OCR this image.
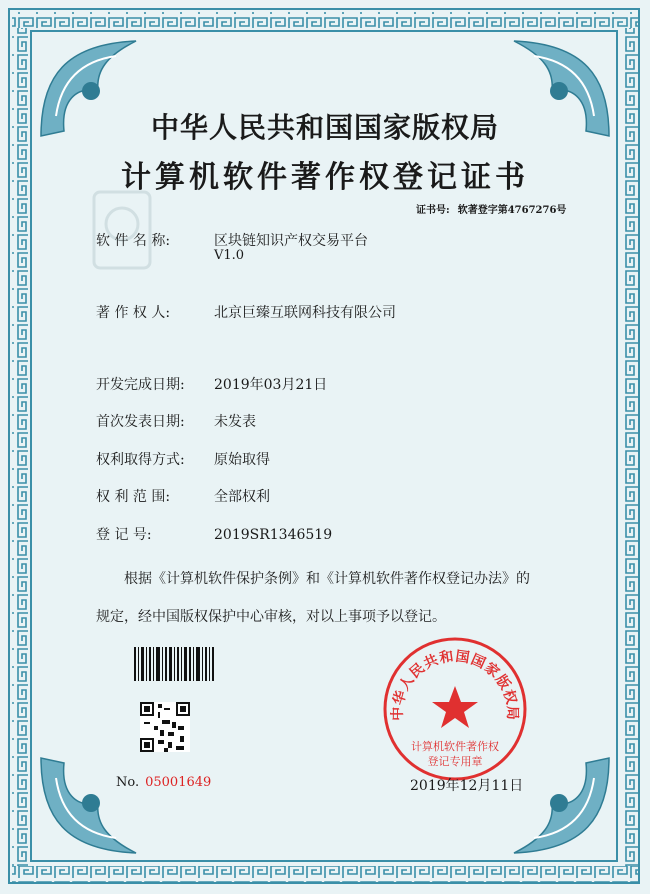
中华人民共和国国家版权局
计算机软件著作权登记证书
证书号: 软著登字第4767276号
软 件 名 称:	区块链知识产权交易平台
V1.0
著 作 权 人:	北京巨臻互联网科技有限公司
开发完成日期: 2019年03月21日
首次发表日期: 未发表
权利取得方式: 原始取得
权 利 范 围:	全部权利
登 记 号:	2019SR1346519
根据《计算机软件保护条例》和《计算机软件著作权登记办法》的
规定，经中国版权保护中心审核，对以上事项予以登记。
No. 05001649
中华人民共和国国家版权局
计算机软件著作权
登记专用章
2019年12月11日
